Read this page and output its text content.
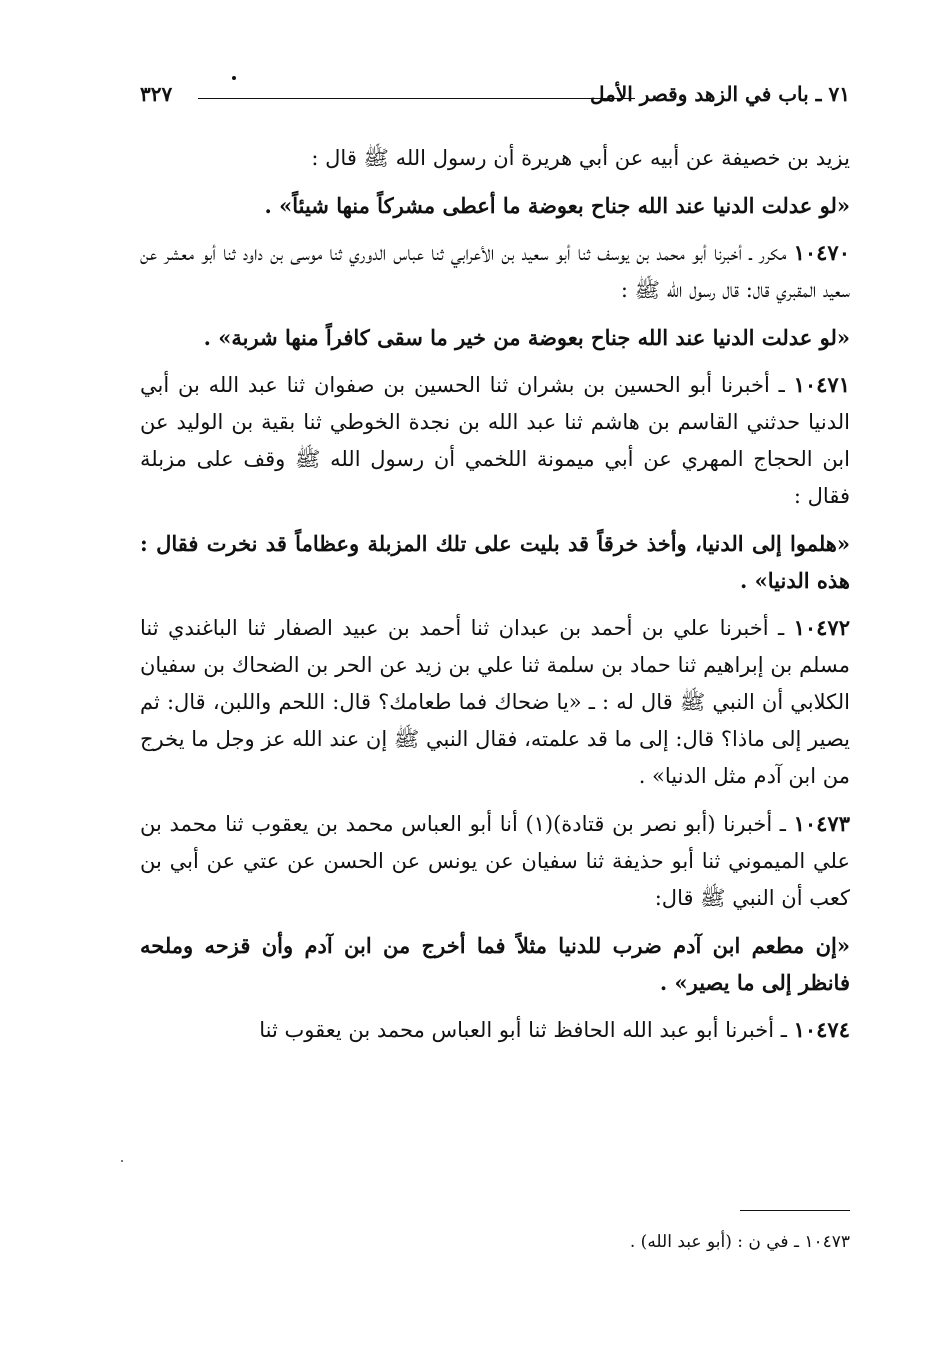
٧١ ـ باب في الزهد وقصر الأمل
٣٢٧

يزيد بن خصيفة عن أبيه عن أبي هريرة أن رسول الله ﷺ قال :

«لو عدلت الدنيا عند الله جناح بعوضة ما أعطى مشركاً منها شيئاً» .

١٠٤٧٠ مكرر ـ أخبرنا أبو محمد بن يوسف ثنا أبو سعيد بن الأعرابي ثنا عباس الدوري ثنا موسى بن داود ثنا أبو معشر عن سعيد المقبري قال: قال رسول الله ﷺ :

«لو عدلت الدنيا عند الله جناح بعوضة من خير ما سقى كافراً منها شربة» .

١٠٤٧١ ـ أخبرنا أبو الحسين بن بشران ثنا الحسين بن صفوان ثنا عبد الله بن أبي الدنيا حدثني القاسم بن هاشم ثنا عبد الله بن نجدة الخوطي ثنا بقية بن الوليد عن ابن الحجاج المهري عن أبي ميمونة اللخمي أن رسول الله ﷺ وقف على مزبلة فقال :

«هلموا إلى الدنيا، وأخذ خرقاً قد بليت على تلك المزبلة وعظاماً قد نخرت فقال : هذه الدنيا» .

١٠٤٧٢ ـ أخبرنا علي بن أحمد بن عبدان ثنا أحمد بن عبيد الصفار ثنا الباغندي ثنا مسلم بن إبراهيم ثنا حماد بن سلمة ثنا علي بن زيد عن الحر بن الضحاك بن سفيان الكلابي أن النبي ﷺ قال له : ـ «يا ضحاك فما طعامك؟ قال: اللحم واللبن، قال: ثم يصير إلى ماذا؟ قال: إلى ما قد علمته، فقال النبي ﷺ إن عند الله عز وجل ما يخرج من ابن آدم مثل الدنيا» .

١٠٤٧٣ ـ أخبرنا (أبو نصر بن قتادة)(١) أنا أبو العباس محمد بن يعقوب ثنا محمد بن علي الميموني ثنا أبو حذيفة ثنا سفيان عن يونس عن الحسن عن عتي عن أبي بن كعب أن النبي ﷺ قال:

«إن مطعم ابن آدم ضرب للدنيا مثلاً فما أخرج من ابن آدم وأن قزحه وملحه فانظر إلى ما يصير» .

١٠٤٧٤ ـ أخبرنا أبو عبد الله الحافظ ثنا أبو العباس محمد بن يعقوب ثنا

١٠٤٧٣ ـ في ن : (أبو عبد الله) .
